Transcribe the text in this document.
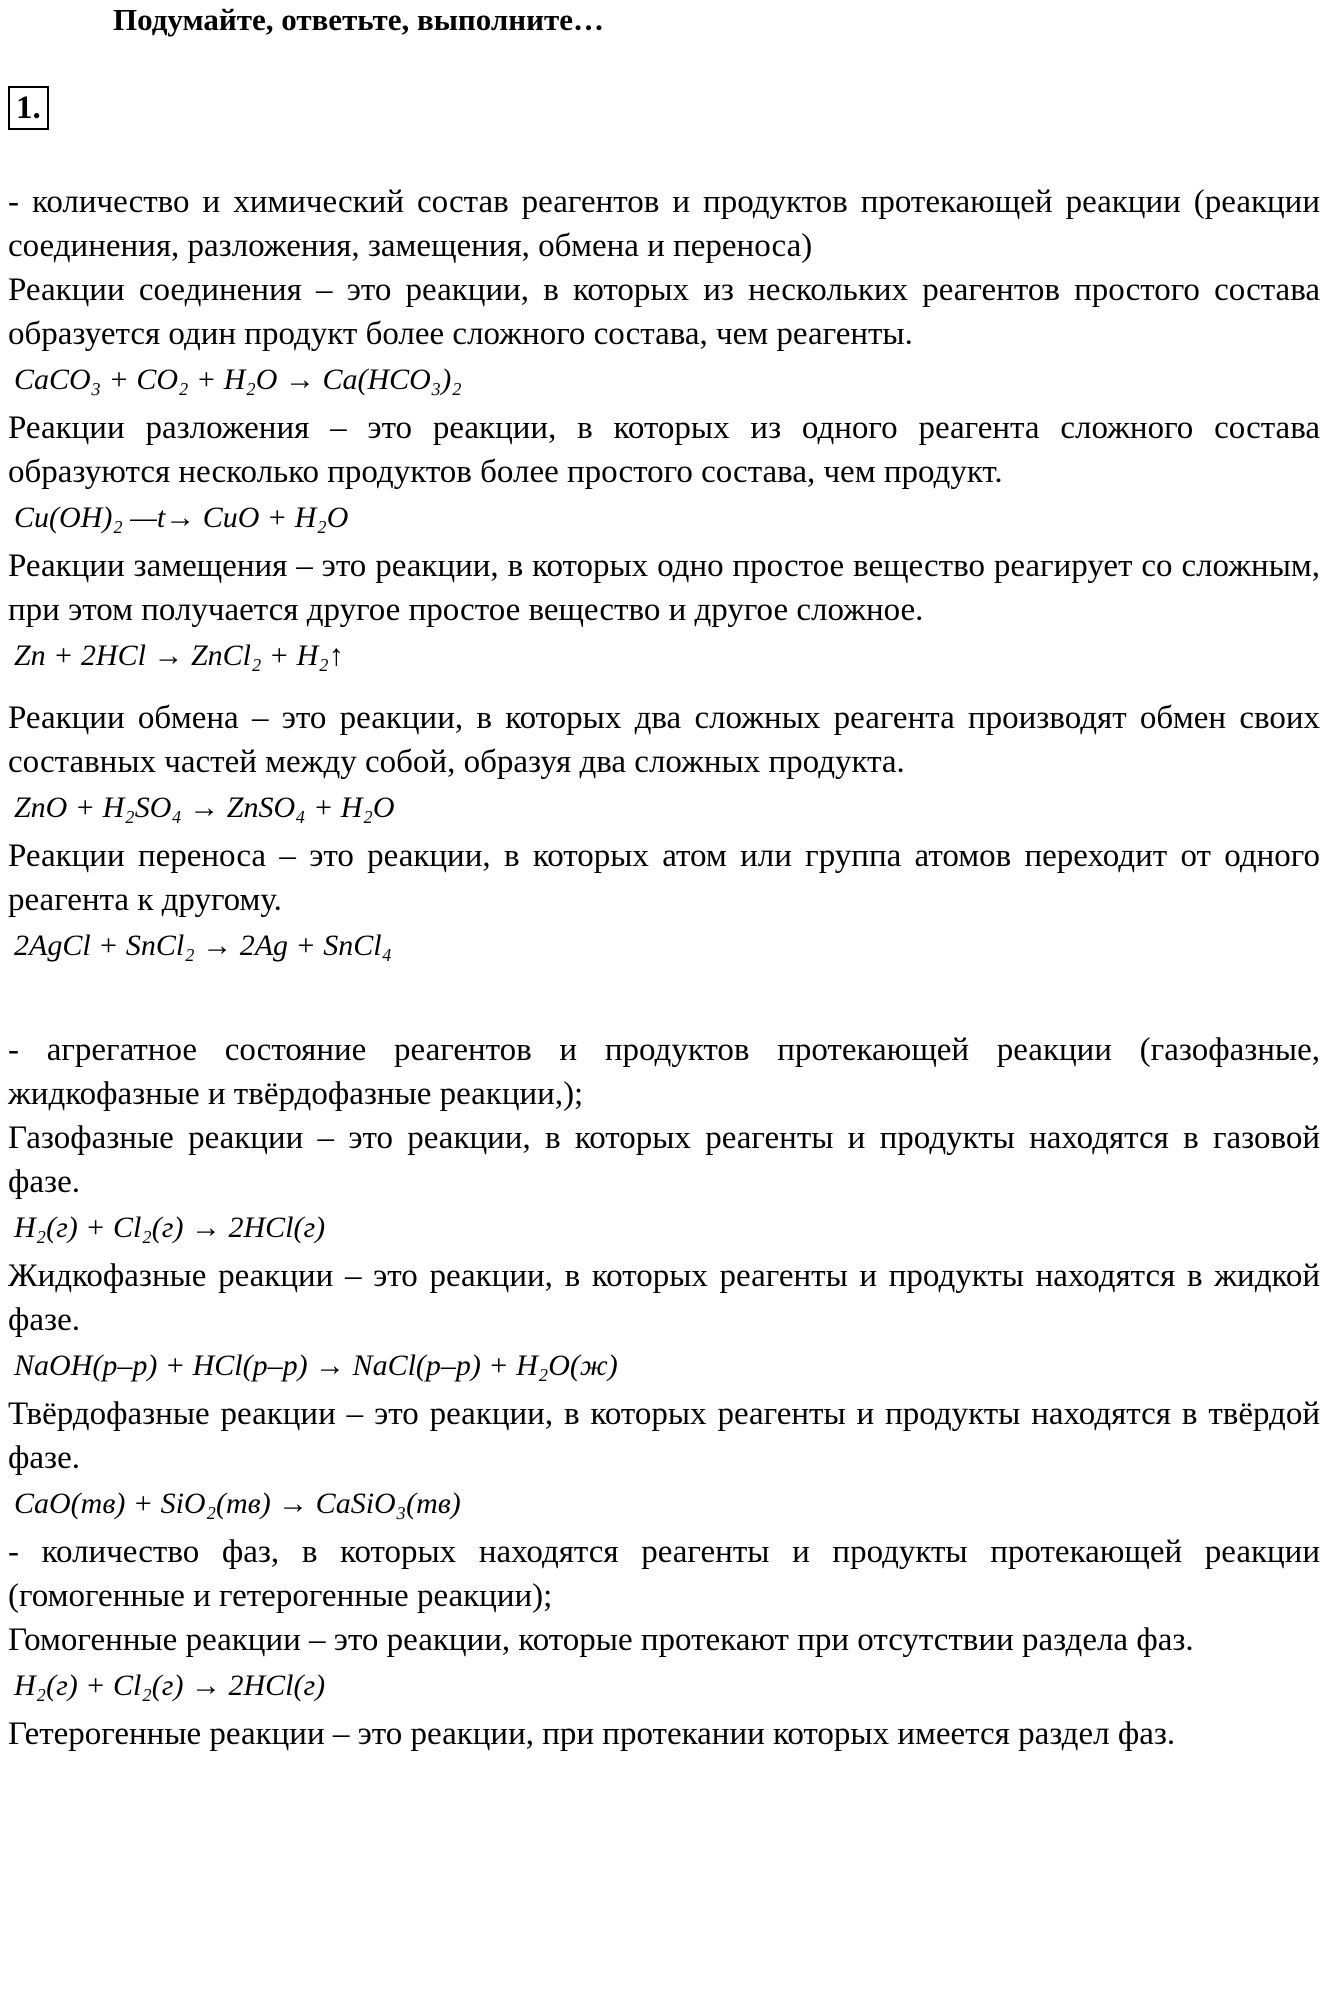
Подумайте, ответьте, выполните…
1.

- количество и химический состав реагентов и продуктов протекающей реакции (реакции соединения, разложения, замещения, обмена и переноса)

Реакции соединения – это реакции, в которых из нескольких реагентов простого состава образуется один продукт более сложного состава, чем реагенты.

CaCO₃ + CO₂ + H₂O → Ca(HCO₃)₂

Реакции разложения – это реакции, в которых из одного реагента сложного состава образуются несколько продуктов более простого состава, чем продукт.

Cu(OH)₂ —t→ CuO + H₂O

Реакции замещения – это реакции, в которых одно простое вещество реагирует со сложным, при этом получается другое простое вещество и другое сложное.

Zn + 2HCl → ZnCl₂ + H₂↑

Реакции обмена – это реакции, в которых два сложных реагента производят обмен своих составных частей между собой, образуя два сложных продукта.

ZnO + H₂SO₄ → ZnSO₄ + H₂O

Реакции переноса – это реакции, в которых атом или группа атомов переходит от одного реагента к другому.

2AgCl + SnCl₂ → 2Ag + SnCl₄

- агрегатное состояние реагентов и продуктов протекающей реакции (газофазные, жидкофазные и твёрдофазные реакции,);

Газофазные реакции – это реакции, в которых реагенты и продукты находятся в газовой фазе.

H₂(г) + Cl₂(г) → 2HCl(г)

Жидкофазные реакции – это реакции, в которых реагенты и продукты находятся в жидкой фазе.

NaOH(р–р) + HCl(р–р) → NaCl(р–р) + H₂O(ж)

Твёрдофазные реакции – это реакции, в которых реагенты и продукты находятся в твёрдой фазе.

CaO(тв) + SiO₂(тв) → CaSiO₃(тв)

- количество фаз, в которых находятся реагенты и продукты протекающей реакции (гомогенные и гетерогенные реакции);

Гомогенные реакции – это реакции, которые протекают при отсутствии раздела фаз.

H₂(г) + Cl₂(г) → 2HCl(г)

Гетерогенные реакции – это реакции, при протекании которых имеется раздел фаз.
